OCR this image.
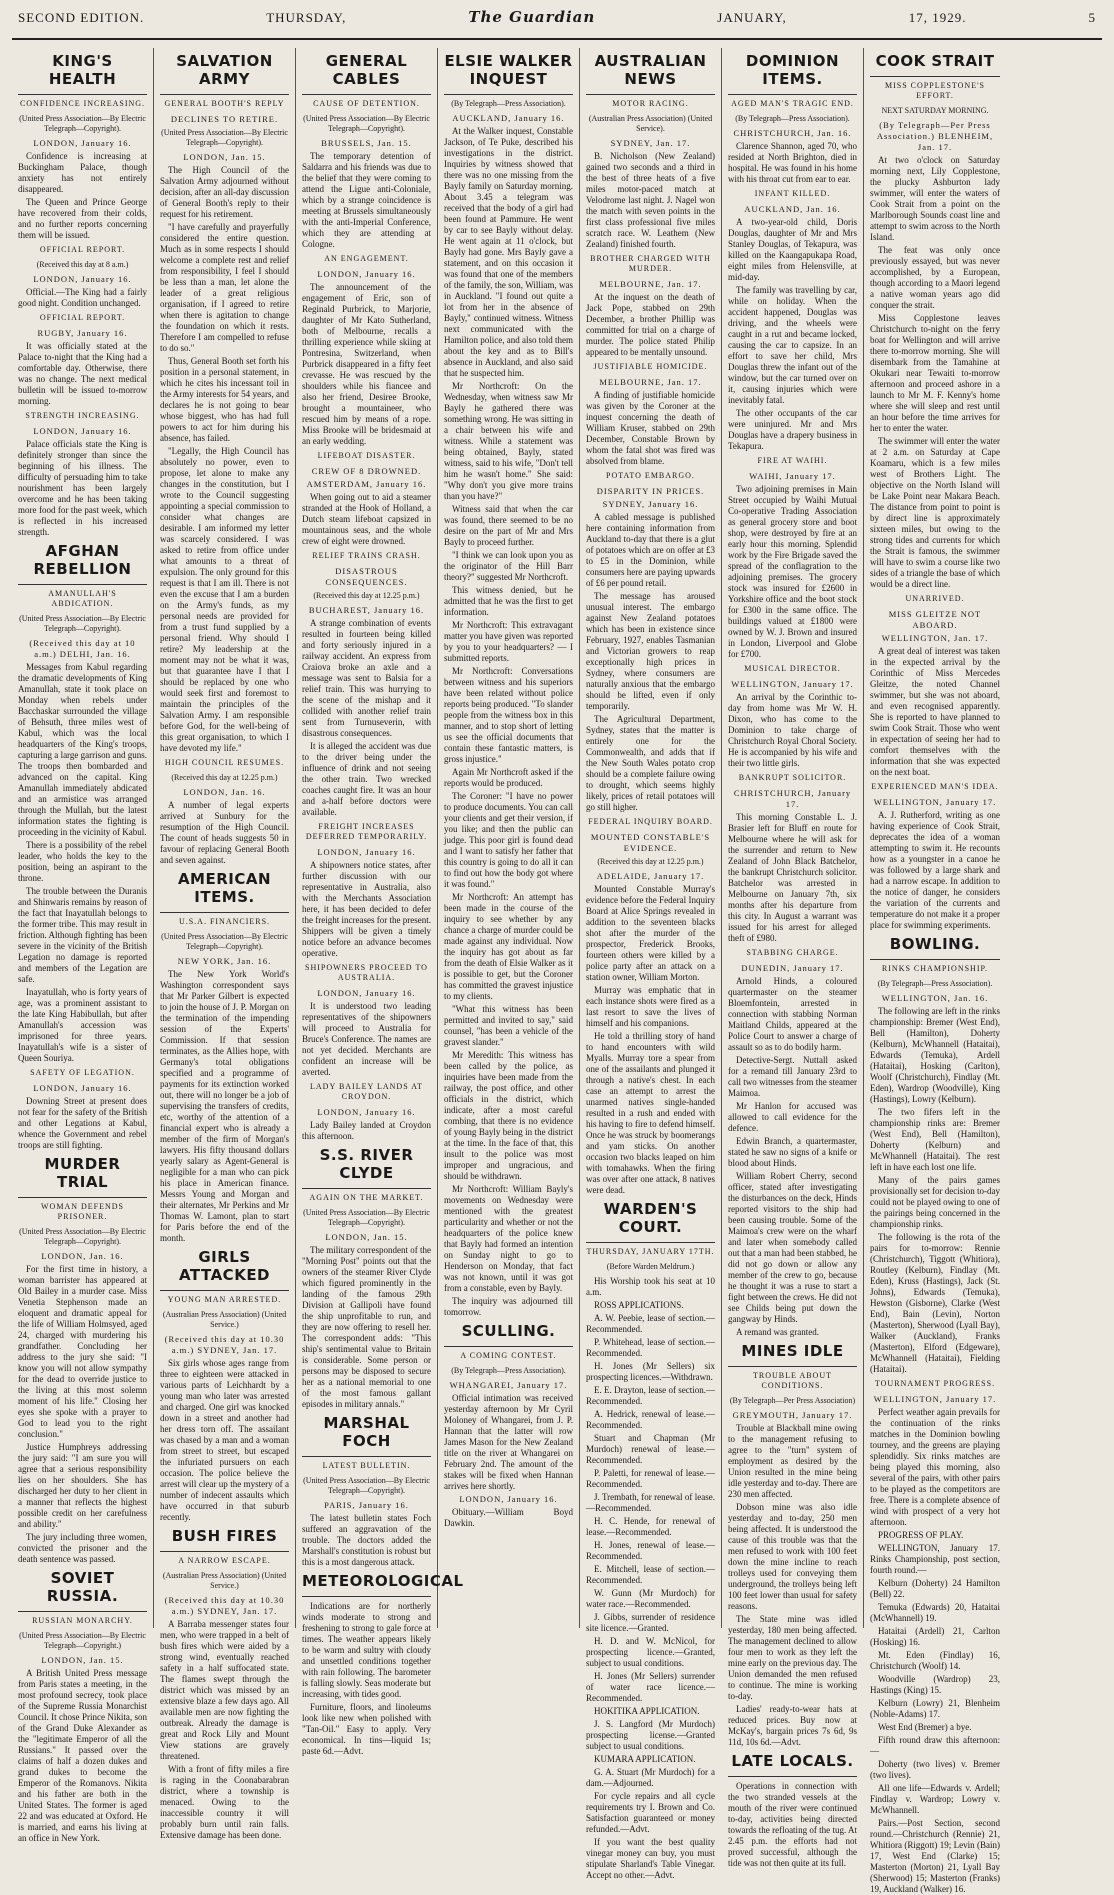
SECOND EDITION.	THURSDAY,	The Guardian	JANUARY,	17, 1929.	5
KING'S HEALTH
CONFIDENCE INCREASING.
(United Press Association—By Electric Telegraph—Copyright).
LONDON, January 16.

Confidence is increasing at Buckingham Palace, though anxiety has not entirely disappeared.

The Queen and Prince George have recovered from their colds, and no further reports concerning them will be issued.

OFFICIAL REPORT.
(Received this day at 8 a.m.)
LONDON, January 16.

Official.—The King had a fairly good night. Condition unchanged.

OFFICIAL REPORT.
RUGBY, January 16.

It was officially stated at the Palace to-night that the King had a comfortable day. Otherwise, there was no change. The next medical bulletin will be issued to-morrow morning.

STRENGTH INCREASING.
LONDON, January 16.

Palace officials state the King is definitely stronger than since the beginning of his illness. The difficulty of persuading him to take nourishment has been largely overcome and he has been taking more food for the past week, which is reflected in his increased strength.

AFGHAN REBELLION
AMANULLAH'S ABDICATION.
(United Press Association—By Electric Telegraph—Copyright).
(Received this day at 10 a.m.) DELHI, Jan. 16.

Messages from Kabul regarding the dramatic developments of King Amanullah, state it took place on Monday when rebels under Bacchaskar surrounded the village of Behsuth, three miles west of Kabul, which was the local headquarters of the King's troops, capturing a large garrison and guns. The troops then bombarded and advanced on the capital. King Amanullah immediately abdicated and an armistice was arranged through the Mullah, but the latest information states the fighting is proceeding in the vicinity of Kabul.

There is a possibility of the rebel leader, who holds the key to the position, being an aspirant to the throne.

The trouble between the Duranis and Shinwaris remains by reason of the fact that Inayatullah belongs to the former tribe. This may result in friction. Although fighting has been severe in the vicinity of the British Legation no damage is reported and members of the Legation are safe.

Inayatullah, who is forty years of age, was a prominent assistant to the late King Habibullah, but after Amanullah's accession was imprisoned for three years. Inayatullah's wife is a sister of Queen Souriya.

SAFETY OF LEGATION.
LONDON, January 16.

Downing Street at present does not fear for the safety of the British and other Legations at Kabul, whence the Government and rebel troops are still fighting.

MURDER TRIAL
WOMAN DEFENDS PRISONER.
(United Press Association—By Electric Telegraph—Copyright).
LONDON, Jan. 16.

For the first time in history, a woman barrister has appeared at Old Bailey in a murder case. Miss Venetia Stephenson made an eloquent and dramatic appeal for the life of William Holmsyed, aged 24, charged with murdering his grandfather. Concluding her address to the jury she said: "I know you will not allow sympathy for the dead to override justice to the living at this most solemn moment of his life." Closing her eyes she spoke with a prayer to God to lead you to the right conclusion."

Justice Humphreys addressing the jury said: "I am sure you will agree that a serious responsibility lies on her shoulders. She has discharged her duty to her client in a manner that reflects the highest possible credit on her carefulness and ability."

The jury including three women, convicted the prisoner and the death sentence was passed.

SOVIET RUSSIA.
RUSSIAN MONARCHY.
(United Press Association—By Electric Telegraph—Copyright.)
LONDON, Jan. 15.

A British United Press message from Paris states a meeting, in the most profound secrecy, took place of the Supreme Russia Monarchist Council. It chose Prince Nikita, son of the Grand Duke Alexander as the "legitimate Emperor of all the Russians." It passed over the claims of half a dozen dukes and grand dukes to become the Emperor of the Romanovs. Nikita and his father are both in the United States. The former is aged 22 and was educated at Oxford. He is married, and earns his living at an office in New York.

SALVATION ARMY
GENERAL BOOTH'S REPLY
DECLINES TO RETIRE.
(United Press Association—By Electric Telegraph—Copyright).
LONDON, Jan. 15.

The High Council of the Salvation Army adjourned without decision, after an all-day discussion of General Booth's reply to their request for his retirement.

"I have carefully and prayerfully considered the entire question. Much as in some respects I should welcome a complete rest and relief from responsibility, I feel I should be less than a man, let alone the leader of a great religious organisation, if I agreed to retire when there is agitation to change the foundation on which it rests. Therefore I am compelled to refuse to do so."

Thus, General Booth set forth his position in a personal statement, in which he cites his incessant toil in the Army interests for 54 years, and declares he is not going to bear whose biggest, who has had full powers to act for him during his absence, has failed.

"Legally, the High Council has absolutely no power, even to propose, let alone to make any changes in the constitution, but I wrote to the Council suggesting appointing a special commission to consider what changes are desirable. I am informed my letter was scarcely considered. I was asked to retire from office under what amounts to a threat of expulsion. The only ground for this request is that I am ill. There is not even the excuse that I am a burden on the Army's funds, as my personal needs are provided for from a trust fund supplied by a personal friend. Why should I retire? My leadership at the moment may not be what it was, but that guarantee have I that I should be replaced by one who would seek first and foremost to maintain the principles of the Salvation Army. I am responsible before God, for the well-being of this great organisation, to which I have devoted my life."

HIGH COUNCIL RESUMES.
(Received this day at 12.25 p.m.)
LONDON, Jan. 16.

A number of legal experts arrived at Sunbury for the resumption of the High Council. The count of heads suggests 50 in favour of replacing General Booth and seven against.

AMERICAN ITEMS.
U.S.A. FINANCIERS.
(United Press Association—By Electric Telegraph—Copyright).
NEW YORK, Jan. 16.

The New York World's Washington correspondent says that Mr Parker Gilbert is expected to join the house of J. P. Morgan on the termination of the impending session of the Experts' Commission. If that session terminates, as the Allies hope, with Germany's total obligations specified and a programme of payments for its extinction worked out, there will no longer be a job of supervising the transfers of credits, etc, worthy of the attention of a financial expert who is already a member of the firm of Morgan's lawyers. His fifty thousand dollars yearly salary as Agent-General is negligible for a man who can pick his place in American finance. Messrs Young and Morgan and their alternates, Mr Perkins and Mr Thomas W. Lamont, plan to start for Paris before the end of the month.

GIRLS ATTACKED
YOUNG MAN ARRESTED.
(Australian Press Association) (United Service.)
(Received this day at 10.30 a.m.) SYDNEY, Jan. 17.

Six girls whose ages range from three to eighteen were attacked in various parts of Leichhardt by a young man who later was arrested and charged. One girl was knocked down in a street and another had her dress torn off. The assailant was chased by a man and a woman from street to street, but escaped the infuriated pursuers on each occasion. The police believe the arrest will clear up the mystery of a number of indecent assaults which have occurred in that suburb recently.

BUSH FIRES
A NARROW ESCAPE.
(Australian Press Association) (United Service.)
(Received this day at 10.30 a.m.) SYDNEY, Jan. 17.

A Barraba messenger states four men, who were trapped in a belt of bush fires which were aided by a strong wind, eventually reached safety in a half suffocated state. The flames swept through the district which was missed by an extensive blaze a few days ago. All available men are now fighting the outbreak. Already the damage is great and Rock Lily and Mount View stations are gravely threatened.

With a front of fifty miles a fire is raging in the Coonabarabran district, where a township is menaced. Owing to the inaccessible country it will probably burn until rain falls. Extensive damage has been done.

GENERAL CABLES
CAUSE OF DETENTION.
(United Press Association—By Electric Telegraph—Copyright).
BRUSSELS, Jan. 15.

The temporary detention of Saldarra and his friends was due to the belief that they were coming to attend the Ligue anti-Coloniale, which by a strange coincidence is meeting at Brussels simultaneously with the anti-Imperial Conference, which they are attending at Cologne.

AN ENGAGEMENT.
LONDON, January 16.

The announcement of the engagement of Eric, son of Reginald Purbrick, to Marjorie, daughter of Mr Kato Sutherland, both of Melbourne, recalls a thrilling experience while skiing at Pontresina, Switzerland, when Purbrick disappeared in a fifty feet crevasse. He was rescued by the shoulders while his fiancee and also her friend, Desiree Brooke, brought a mountaineer, who rescued him by means of a rope. Miss Brooke will be bridesmaid at an early wedding.

LIFEBOAT DISASTER.
CREW OF 8 DROWNED.
AMSTERDAM, January 16.

When going out to aid a steamer stranded at the Hook of Holland, a Dutch steam lifeboat capsized in mountainous seas, and the whole crew of eight were drowned.

RELIEF TRAINS CRASH.
DISASTROUS CONSEQUENCES.
(Received this day at 12.25 p.m.)
BUCHAREST, January 16.

A strange combination of events resulted in fourteen being killed and forty seriously injured in a railway accident. An express from Craiova broke an axle and a message was sent to Balsia for a relief train. This was hurrying to the scene of the mishap and it collided with another relief train sent from Turnuseverin, with disastrous consequences.

It is alleged the accident was due to the driver being under the influence of drink and not seeing the other train. Two wrecked coaches caught fire. It was an hour and a-half before doctors were available.

FREIGHT INCREASES DEFERRED TEMPORARILY.
LONDON, January 16.

A shipowners notice states, after further discussion with our representative in Australia, also with the Merchants Association here, it has been decided to defer the freight increases for the present. Shippers will be given a timely notice before an advance becomes operative.

SHIPOWNERS PROCEED TO AUSTRALIA.
LONDON, January 16.

It is understood two leading representatives of the shipowners will proceed to Australia for Bruce's Conference. The names are not yet decided. Merchants are confident an increase will be averted.

LADY BAILEY LANDS AT CROYDON.
LONDON, January 16.

Lady Bailey landed at Croydon this afternoon.

S.S. RIVER CLYDE
AGAIN ON THE MARKET.
(United Press Association—By Electric Telegraph—Copyright).
LONDON, Jan. 15.

The military correspondent of the "Morning Post" points out that the owners of the steamer River Clyde which figured prominently in the landing of the famous 29th Division at Gallipoli have found the ship unprofitable to run, and they are now offering to resell her. The correspondent adds: "This ship's sentimental value to Britain is considerable. Some person or persons may be disposed to secure her as a national memorial to one of the most famous gallant episodes in military annals."

MARSHAL FOCH
LATEST BULLETIN.
(United Press Association—By Electric Telegraph—Copyright).
PARIS, January 16.

The latest bulletin states Foch suffered an aggravation of the trouble. The doctors added the Marshall's constitution is robust but this is a most dangerous attack.

METEOROLOGICAL

Indications are for northerly winds moderate to strong and freshening to strong to gale force at times. The weather appears likely to be warm and sultry with cloudy and unsettled conditions together with rain following. The barometer is falling slowly. Seas moderate but increasing, with tides good.

Furniture, floors, and linoleums look like new when polished with "Tan-Oil." Easy to apply. Very economical. In tins—liquid 1s; paste 6d.—Advt.

ELSIE WALKER INQUEST
(By Telegraph—Press Association).
AUCKLAND, January 16.

At the Walker inquest, Constable Jackson, of Te Puke, described his investigations in the district. Inquiries by witness showed that there was no one missing from the Bayly family on Saturday morning. About 3.45 a telegram was received that the body of a girl had been found at Pammure. He went by car to see Bayly without delay. He went again at 11 o'clock, but Bayly had gone. Mrs Bayly gave a statement, and on this occasion it was found that one of the members of the family, the son, William, was in Auckland. "I found out quite a lot from her in the absence of Bayly," continued witness. Witness next communicated with the Hamilton police, and also told them about the key and as to Bill's absence in Auckland, and also said that he suspected him.

Mr Northcroft: On the Wednesday, when witness saw Mr Bayly he gathered there was something wrong. He was sitting in a chair between his wife and witness. While a statement was being obtained, Bayly, stated witness, said to his wife, "Don't tell him he wasn't home." She said: "Why don't you give more trains than you have?"

Witness said that when the car was found, there seemed to be no desire on the part of Mr and Mrs Bayly to proceed further.

"I think we can look upon you as the originator of the Hill Barr theory?" suggested Mr Northcroft.

This witness denied, but he admitted that he was the first to get information.

Mr Northcroft: This extravagant matter you have given was reported by you to your headquarters? — I submitted reports.

Mr Northcroft: Conversations between witness and his superiors have been related without police reports being produced. "To slander people from the witness box in this manner, and to stop short of letting us see the official documents that contain these fantastic matters, is gross injustice."

Again Mr Northcroft asked if the reports would be produced.

The Coroner: "I have no power to produce documents. You can call your clients and get their version, if you like; and then the public can judge. This poor girl is found dead and I want to satisfy her father that this country is going to do all it can to find out how the body got where it was found."

Mr Northcroft: An attempt has been made in the course of the inquiry to see whether by any chance a charge of murder could be made against any individual. Now the inquiry has got about as far from the death of Elsie Walker as it is possible to get, but the Coroner has committed the gravest injustice to my clients.

"What this witness has been permitted and invited to say," said counsel, "has been a vehicle of the gravest slander."

Mr Meredith: This witness has been called by the police, as inquiries have been made from the railway, the post office, and other officials in the district, which indicate, after a most careful combing, that there is no evidence of young Bayly being in the district at the time. In the face of that, this insult to the police was most improper and ungracious, and should be withdrawn.

Mr Northcroft: William Bayly's movements on Wednesday were mentioned with the greatest particularity and whether or not the headquarters of the police knew that Bayly had formed an intention on Sunday night to go to Henderson on Monday, that fact was not known, until it was got from a constable, even by Bayly.

The inquiry was adjourned till tomorrow.

SCULLING.
A COMING CONTEST.
(By Telegraph—Press Association).
WHANGAREI, January 17.

Official intimation was received yesterday afternoon by Mr Cyril Moloney of Whangarei, from J. P. Hannan that the latter will row James Mason for the New Zealand title on the river at Whangarei on February 2nd. The amount of the stakes will be fixed when Hannan arrives here shortly.

LONDON, January 16.

Obituary.—William Boyd Dawkin.

AUSTRALIAN NEWS
MOTOR RACING.
(Australian Press Association) (United Service).
SYDNEY, Jan. 17.

B. Nicholson (New Zealand) gained two seconds and a third in the best of three heats of a five miles motor-paced match at Velodrome last night. J. Nagel won the match with seven points in the first class professional five miles scratch race. W. Leathem (New Zealand) finished fourth.

BROTHER CHARGED WITH MURDER.
MELBOURNE, Jan. 17.

At the inquest on the death of Jack Pope, stabbed on 29th December, a brother Phillip was committed for trial on a charge of murder. The police stated Philip appeared to be mentally unsound.

JUSTIFIABLE HOMICIDE.
MELBOURNE, Jan. 17.

A finding of justifiable homicide was given by the Coroner at the inquest concerning the death of William Kruser, stabbed on 29th December, Constable Brown by whom the fatal shot was fired was absolved from blame.

POTATO EMBARGO.
DISPARITY IN PRICES.
SYDNEY, January 16.

A cabled message is published here containing information from Auckland to-day that there is a glut of potatoes which are on offer at £3 to £5 in the Dominion, while consumers here are paying upwards of £6 per pound retail.

The message has aroused unusual interest. The embargo against New Zealand potatoes which has been in existence since February, 1927, enables Tasmanian and Victorian growers to reap exceptionally high prices in Sydney, where consumers are naturally anxious that the embargo should be lifted, even if only temporarily.

The Agricultural Department, Sydney, states that the matter is entirely one for the Commonwealth, and adds that if the New South Wales potato crop should be a complete failure owing to drought, which seems highly likely, prices of retail potatoes will go still higher.

FEDERAL INQUIRY BOARD.
MOUNTED CONSTABLE'S EVIDENCE.
(Received this day at 12.25 p.m.)
ADELAIDE, January 17.

Mounted Constable Murray's evidence before the Federal Inquiry Board at Alice Springs revealed in addition to the seventeen blacks shot after the murder of the prospector, Frederick Brooks, fourteen others were killed by a police party after an attack on a station owner, William Morton.

Murray was emphatic that in each instance shots were fired as a last resort to save the lives of himself and his companions.

He told a thrilling story of hand to hand encounters with wild Myalls. Murray tore a spear from one of the assailants and plunged it through a native's chest. In each case an attempt to arrest the unarmed natives single-handed resulted in a rush and ended with his having to fire to defend himself. Once he was struck by boomerangs and yam sticks. On another occasion two blacks leaped on him with tomahawks. When the firing was over after one attack, 8 natives were dead.

WARDEN'S COURT.
THURSDAY, JANUARY 17TH.
(Before Warden Meldrum.)

His Worship took his seat at 10 a.m.

ROSS APPLICATIONS.

A. W. Peebie, lease of section.—Recommended.

P. Whitehead, lease of section.—Recommended.

H. Jones (Mr Sellers) six prospecting licences.—Withdrawn.

E. E. Drayton, lease of section.—Recommended.

A. Hedrick, renewal of lease.—Recommended.

Stuart and Chapman (Mr Murdoch) renewal of lease.—Recommended.

P. Paletti, for renewal of lease.—Recommended.

J. Trembath, for renewal of lease.—Recommended.

H. C. Hende, for renewal of lease.—Recommended.

H. Jones, renewal of lease.—Recommended.

E. Mitchell, lease of section.—Recommended.

W. Gunn (Mr Murdoch) for water race.—Recommended.

J. Gibbs, surrender of residence site licence.—Granted.

H. D. and W. McNicol, for prospecting licence.—Granted, subject to usual conditions.

H. Jones (Mr Sellers) surrender of water race licence.—Recommended.

HOKITIKA APPLICATION.

J. S. Langford (Mr Murdoch) prospecting license.—Granted subject to usual conditions.

KUMARA APPLICATION.

G. A. Stuart (Mr Murdoch) for a dam.—Adjourned.

For cycle repairs and all cycle requirements try I. Brown and Co. Satisfaction guaranteed or money refunded.—Advt.

If you want the best quality vinegar money can buy, you must stipulate Sharland's Table Vinegar. Accept no other.—Advt.

DOMINION ITEMS.
AGED MAN'S TRAGIC END.
(By Telegraph—Press Association).
CHRISTCHURCH, Jan. 16.

Clarence Shannon, aged 70, who resided at North Brighton, died in hospital. He was found in his home with his throat cut from ear to ear.

INFANT KILLED.
AUCKLAND, Jan. 16.

A two-year-old child, Doris Douglas, daughter of Mr and Mrs Stanley Douglas, of Tekapura, was killed on the Kaangapukapa Road, eight miles from Helensville, at mid-day.

The family was travelling by car, while on holiday. When the accident happened, Douglas was driving, and the wheels were caught in a rut and became locked, causing the car to capsize. In an effort to save her child, Mrs Douglas threw the infant out of the window, but the car turned over on it, causing injuries which were inevitably fatal.

The other occupants of the car were uninjured. Mr and Mrs Douglas have a drapery business in Tekapura.

FIRE AT WAIHI.
WAIHI, January 17.

Two adjoining premises in Main Street occupied by Waihi Mutual Co-operative Trading Association as general grocery store and boot shop, were destroyed by fire at an early hour this morning. Splendid work by the Fire Brigade saved the spread of the conflagration to the adjoining premises. The grocery stock was insured for £2600 in Yorkshire office and the boot stock for £300 in the same office. The buildings valued at £1800 were owned by W. J. Brown and insured in London, Liverpool and Globe for £700.

MUSICAL DIRECTOR.
WELLINGTON, January 17.

An arrival by the Corinthic to-day from home was Mr W. H. Dixon, who has come to the Dominion to take charge of Christchurch Royal Choral Society. He is accompanied by his wife and their two little girls.

BANKRUPT SOLICITOR.
CHRISTCHURCH, January 17.

This morning Constable L. J. Brasier left for Bluff en route for Melbourne where he will ask for the surrender and return to New Zealand of John Black Batchelor, the bankrupt Christchurch solicitor. Batchelor was arrested in Melbourne on January 7th, six months after his departure from this city. In August a warrant was issued for his arrest for alleged theft of £980.

STABBING CHARGE.
DUNEDIN, January 17.

Arnold Hinds, a coloured quartermaster on the steamer Bloemfontein, arrested in connection with stabbing Norman Maitland Childs, appeared at the Police Court to answer a charge of assault so as to do bodily harm.

Detective-Sergt. Nuttall asked for a remand till January 23rd to call two witnesses from the steamer Maimoa.

Mr Hanlon for accused was allowed to call evidence for the defence.

Edwin Branch, a quartermaster, stated he saw no signs of a knife or blood about Hinds.

William Robert Cherry, second officer, stated after investigating the disturbances on the deck, Hinds reported visitors to the ship had been causing trouble. Some of the Maimoa's crew were on the wharf and later when somebody called out that a man had been stabbed, he did not go down or allow any member of the crew to go, because he thought it was a ruse to start a fight between the crews. He did not see Childs being put down the gangway by Hinds.

A remand was granted.

MINES IDLE
TROUBLE ABOUT CONDITIONS.
(By Telegraph—Per Press Association)
GREYMOUTH, January 17.

Trouble at Blackball mine owing to the management refusing to agree to the "turn" system of employment as desired by the Union resulted in the mine being idle yesterday and to-day. There are 230 men affected.

Dobson mine was also idle yesterday and to-day, 250 men being affected. It is understood the cause of this trouble was that the men refused to work with 100 feet down the mine incline to reach trolleys used for conveying them underground, the trolleys being left 100 feet lower than usual for safety reasons.

The State mine was idled yesterday, 180 men being affected. The management declined to allow four men to work as they left the mine early on the previous day. The Union demanded the men refused to continue. The mine is working to-day.

Ladies' ready-to-wear hats at reduced prices. Buy now at McKay's, bargain prices 7s 6d, 9s 11d, 10s 6d.—Advt.

LATE LOCALS.

Operations in connection with the two stranded vessels at the mouth of the river were continued to-day, activities being directed towards the refloating of the tug. At 2.45 p.m. the efforts had not proved successful, although the tide was not then quite at its full.

COOK STRAIT
MISS COPPLESTONE'S EFFORT.
NEXT SATURDAY MORNING.
(By Telegraph—Per Press Association.) BLENHEIM, Jan. 17.

At two o'clock on Saturday morning next, Lily Copplestone, the plucky Ashburton lady swimmer, will enter the waters of Cook Strait from a point on the Marlborough Sounds coast line and attempt to swim across to the North Island.

The feat was only once previously essayed, but was never accomplished, by a European, though according to a Maori legend a native woman years ago did conquer the strait.

Miss Copplestone leaves Christchurch to-night on the ferry boat for Wellington and will arrive there to-morrow morning. She will disembark from the Tamahine at Okukari near Tewaiti to-morrow afternoon and proceed ashore in a launch to Mr M. F. Kenny's home where she will sleep and rest until an hour before the time arrives for her to enter the water.

The swimmer will enter the water at 2 a.m. on Saturday at Cape Koamaru, which is a few miles west of Brothers Light. The objective on the North Island will be Lake Point near Makara Beach. The distance from point to point is by direct line is approximately sixteen miles, but owing to the strong tides and currents for which the Strait is famous, the swimmer will have to swim a course like two sides of a triangle the base of which would be a direct line.

UNARRIVED.
MISS GLEITZE NOT ABOARD.
WELLINGTON, Jan. 17.

A great deal of interest was taken in the expected arrival by the Corinthic of Miss Mercedes Gleitze, the noted Channel swimmer, but she was not aboard, and even recognised apparently. She is reported to have planned to swim Cook Strait. Those who went in expectation of seeing her had to comfort themselves with the information that she was expected on the next boat.

EXPERIENCED MAN'S IDEA.
WELLINGTON, January 17.

A. J. Rutherford, writing as one having experience of Cook Strait, deprecates the idea of a woman attempting to swim it. He recounts how as a youngster in a canoe he was followed by a large shark and had a narrow escape. In addition to the notice of danger, he considers the variation of the currents and temperature do not make it a proper place for swimming experiments.

BOWLING.
RINKS CHAMPIONSHIP.
(By Telegraph—Press Association).
WELLINGTON, Jan. 16.

The following are left in the rinks championship: Bremer (West End), Bell (Hamilton), Doherty (Kelburn), McWhannell (Hataitai), Edwards (Temuka), Ardell (Hataitai), Hosking (Carlton), Woolf (Christchurch), Findlay (Mt. Eden), Wardrop (Woodville), King (Hastings), Lowry (Kelburn).

The two fifers left in the championship rinks are: Bremer (West End), Bell (Hamilton), Doherty (Kelburn) and McWhannell (Hataitai). The rest left in have each lost one life.

Many of the pairs games provisionally set for decision to-day could not be played owing to one of the pairings being concerned in the championship rinks.

The following is the rota of the pairs for to-morrow: Rennie (Christchurch), Tiggott (Whitiora), Routley (Kelburn), Findlay (Mt. Eden), Kruss (Hastings), Jack (St. Johns), Edwards (Temuka), Hewston (Gisborne), Clarke (West End), Bain (Levin), Norton (Masterton), Sherwood (Lyall Bay), Walker (Auckland), Franks (Masterton), Elford (Edgeware), McWhannell (Hataitai), Fielding (Hataitai).

TOURNAMENT PROGRESS.
WELLINGTON, January 17.

Perfect weather again prevails for the continuation of the rinks matches in the Dominion bowling tourney, and the greens are playing splendidly. Six rinks matches are being played this morning, also several of the pairs, with other pairs to be played as the competitors are free. There is a complete absence of wind with prospect of a very hot afternoon.

PROGRESS OF PLAY.

WELLINGTON, January 17. Rinks Championship, post section, fourth round.—

Kelburn (Doherty) 24 Hamilton (Bell) 22.

Temuka (Edwards) 20, Hataitai (McWhannell) 19.

Hataitai (Ardell) 21, Carlton (Hosking) 16.

Mt. Eden (Findlay) 16, Christchurch (Woolf) 14.

Woodville (Wardrop) 23, Hastings (King) 15.

Kelburn (Lowry) 21, Blenheim (Noble-Adams) 17.

West End (Bremer) a bye.

Fifth round draw this afternoon:—

Doherty (two lives) v. Bremer (two lives).

All one life—Edwards v. Ardell; Findlay v. Wardrop; Lowry v. McWhannell.

Pairs.—Post Section, second round.—Christchurch (Rennie) 21, Whitiora (Riggott) 19; Levin (Bain) 17, West End (Clarke) 15; Masterton (Morton) 21, Lyall Bay (Sherwood) 15; Masterton (Franks) 19, Auckland (Walker) 16.
